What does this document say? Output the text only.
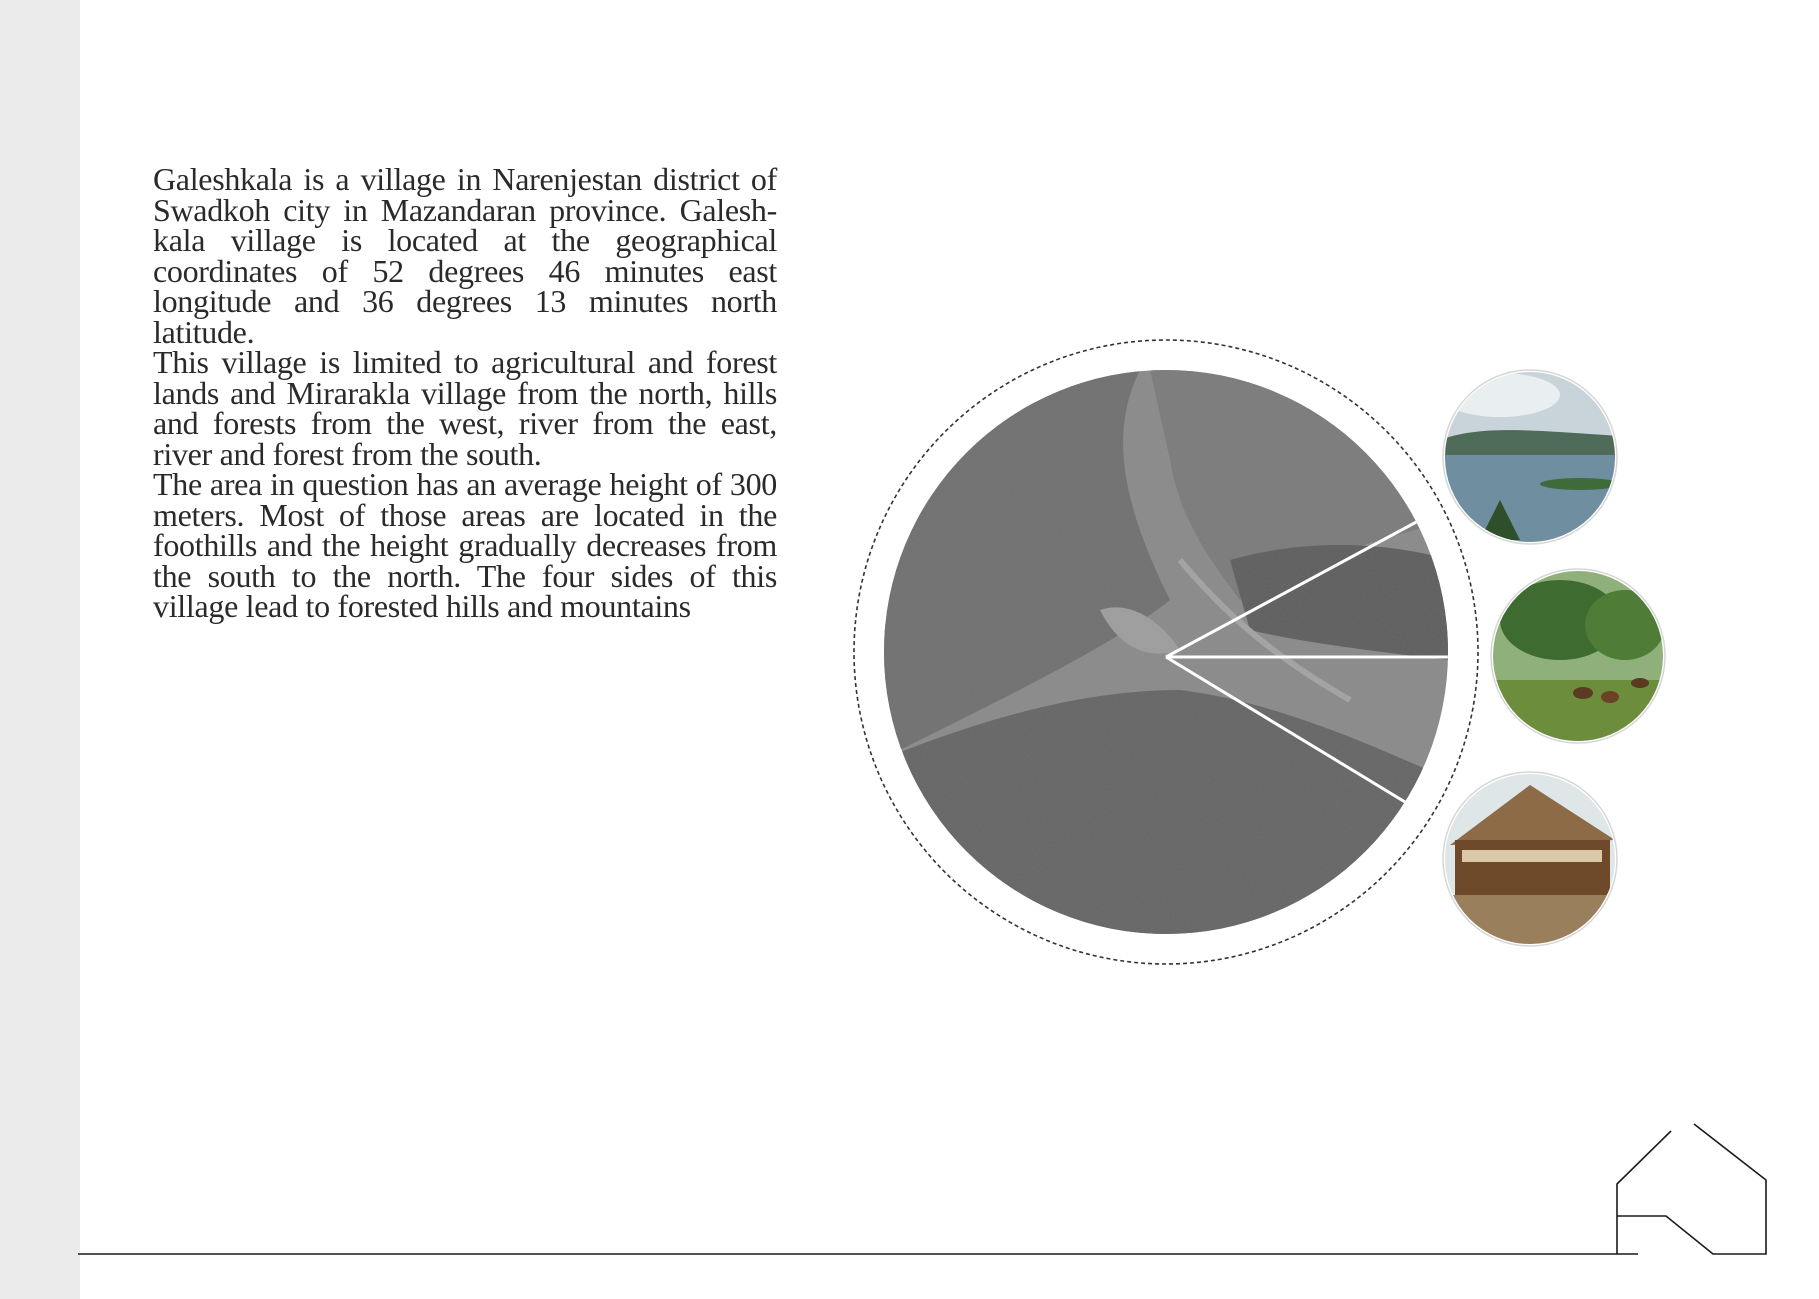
Galeshkala is a village in Narenjestan district of Swadkoh city in Mazandaran province. Galesh-kala village is located at the geographical coordinates of 52 degrees 46 minutes east longitude and 36 degrees 13 minutes north latitude.

This village is limited to agricultural and forest lands and Mirarakla village from the north, hills and forests from the west, river from the east, river and forest from the south.

The area in question has an average height of 300 meters. Most of those areas are located in the foothills and the height gradually decreases from the south to the north. The four sides of this village lead to forested hills and mountains
